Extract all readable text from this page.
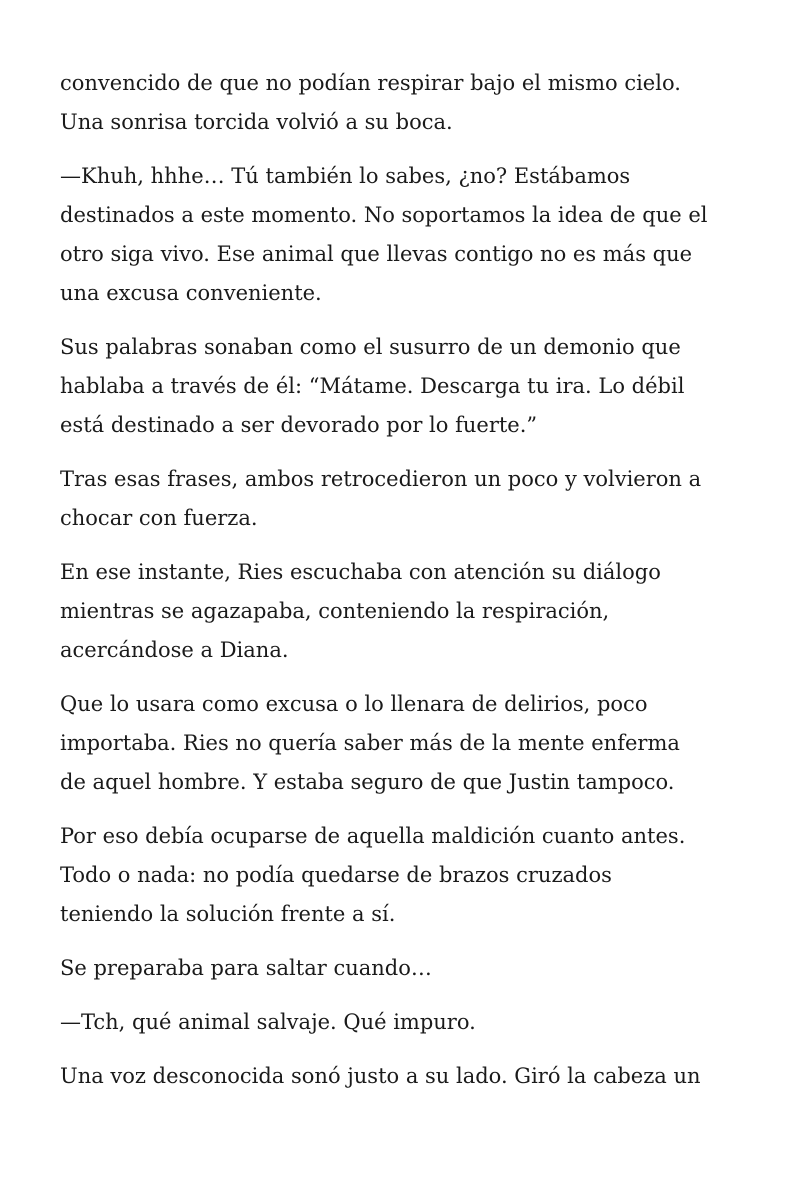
convencido de que no podían respirar bajo el mismo cielo.
Una sonrisa torcida volvió a su boca.

—Khuh, hhhe… Tú también lo sabes, ¿no? Estábamos
destinados a este momento. No soportamos la idea de que el
otro siga vivo. Ese animal que llevas contigo no es más que
una excusa conveniente.

Sus palabras sonaban como el susurro de un demonio que
hablaba a través de él: “Mátame. Descarga tu ira. Lo débil
está destinado a ser devorado por lo fuerte.”

Tras esas frases, ambos retrocedieron un poco y volvieron a
chocar con fuerza.

En ese instante, Ries escuchaba con atención su diálogo
mientras se agazapaba, conteniendo la respiración,
acercándose a Diana.

Que lo usara como excusa o lo llenara de delirios, poco
importaba. Ries no quería saber más de la mente enferma
de aquel hombre. Y estaba seguro de que Justin tampoco.

Por eso debía ocuparse de aquella maldición cuanto antes.
Todo o nada: no podía quedarse de brazos cruzados
teniendo la solución frente a sí.

Se preparaba para saltar cuando…

—Tch, qué animal salvaje. Qué impuro.

Una voz desconocida sonó justo a su lado. Giró la cabeza un
